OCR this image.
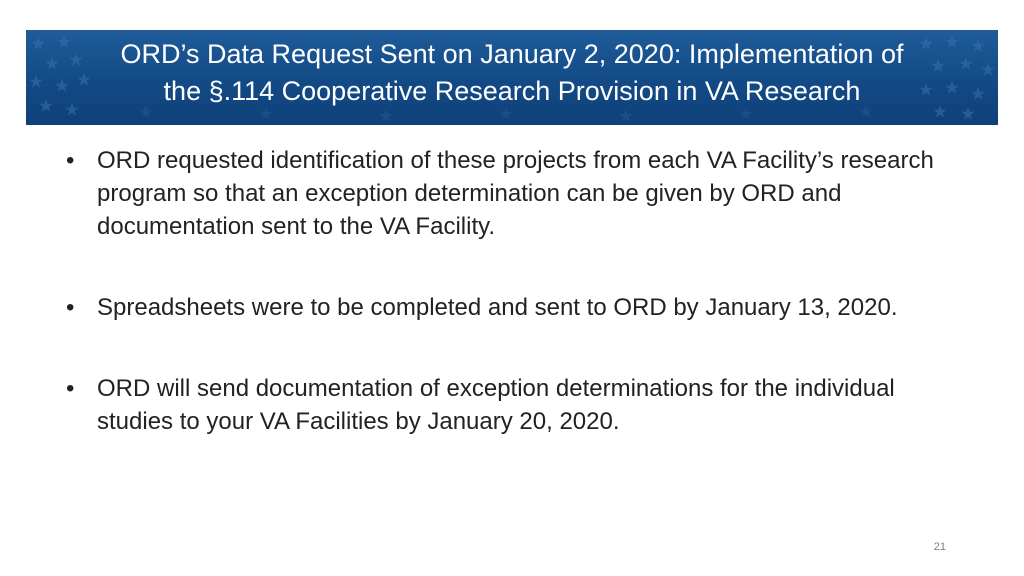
ORD’s Data Request Sent on January 2, 2020: Implementation of
the §.114 Cooperative Research Provision in VA Research
• ORD requested identification of these projects from each VA Facility’s research program so that an exception determination can be given by ORD and documentation sent to the VA Facility.
• Spreadsheets were to be completed and sent to ORD by January 13, 2020.
• ORD will send documentation of exception determinations for the individual studies to your VA Facilities by January 20, 2020.
21
